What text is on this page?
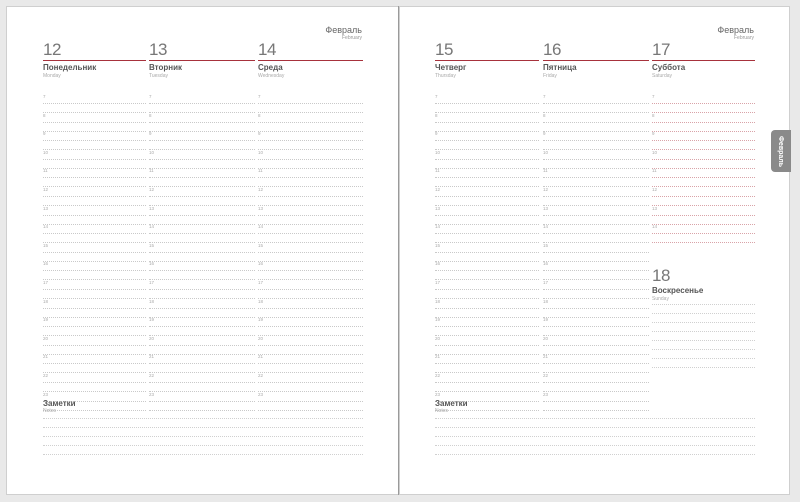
Февраль
February
12
Понедельник
Monday
13
Вторник
Tuesday
14
Среда
Wednesday
7
8
9
10
11
12
13
14
15
16
17
18
19
20
21
22
23
7
8
9
10
11
12
13
14
15
16
17
18
19
20
21
22
23
7
8
9
10
11
12
13
14
15
16
17
18
19
20
21
22
23
Заметки
Notes
Февраль
February
15
Четверг
Thursday
16
Пятница
Friday
17
Суббота
Saturday
7
8
9
10
11
12
13
14
15
16
17
18
19
20
21
22
23
7
8
9
10
11
12
13
14
15
16
17
18
19
20
21
22
23
7
8
9
10
11
12
13
14
18
Воскресенье
Sunday
Заметки
Notes
Февраль
